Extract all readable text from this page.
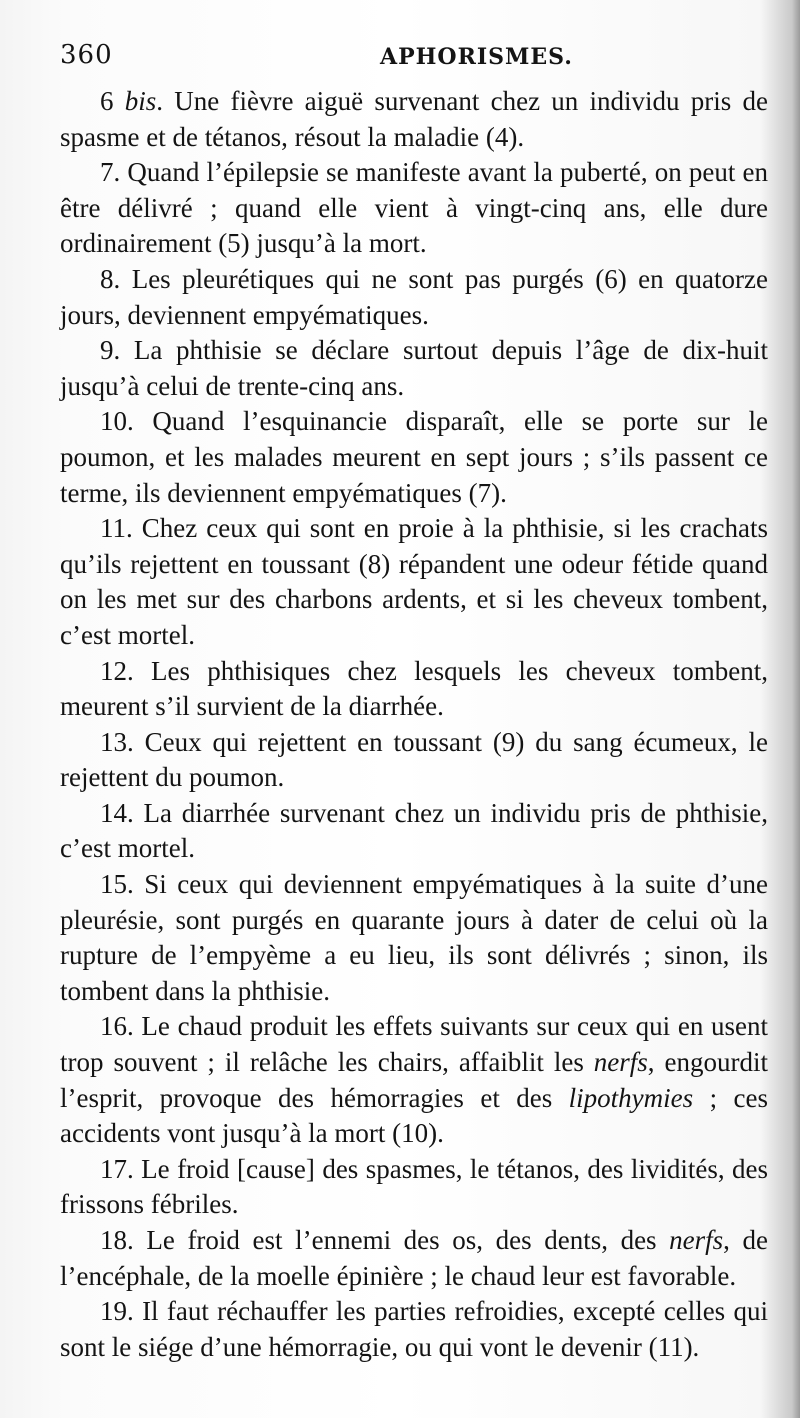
360	APHORISMES.

6 bis. Une fièvre aiguë survenant chez un individu pris de spasme et de tétanos, résout la maladie (4).

7. Quand l’épilepsie se manifeste avant la puberté, on peut en être délivré ; quand elle vient à vingt-cinq ans, elle dure ordinairement (5) jusqu’à la mort.

8. Les pleurétiques qui ne sont pas purgés (6) en quatorze jours, deviennent empyématiques.

9. La phthisie se déclare surtout depuis l’âge de dix-huit jusqu’à celui de trente-cinq ans.

10. Quand l’esquinancie disparaît, elle se porte sur le poumon, et les malades meurent en sept jours ; s’ils passent ce terme, ils deviennent empyématiques (7).

11. Chez ceux qui sont en proie à la phthisie, si les crachats qu’ils rejettent en toussant (8) répandent une odeur fétide quand on les met sur des charbons ardents, et si les cheveux tombent, c’est mortel.

12. Les phthisiques chez lesquels les cheveux tombent, meurent s’il survient de la diarrhée.

13. Ceux qui rejettent en toussant (9) du sang écumeux, le rejettent du poumon.

14. La diarrhée survenant chez un individu pris de phthisie, c’est mortel.

15. Si ceux qui deviennent empyématiques à la suite d’une pleurésie, sont purgés en quarante jours à dater de celui où la rupture de l’empyème a eu lieu, ils sont délivrés ; sinon, ils tombent dans la phthisie.

16. Le chaud produit les effets suivants sur ceux qui en usent trop souvent ; il relâche les chairs, affaiblit les nerfs, engourdit l’esprit, provoque des hémorragies et des lipothymies ; ces accidents vont jusqu’à la mort (10).

17. Le froid [cause] des spasmes, le tétanos, des lividités, des frissons fébriles.

18. Le froid est l’ennemi des os, des dents, des nerfs, de l’encéphale, de la moelle épinière ; le chaud leur est favorable.

19. Il faut réchauffer les parties refroidies, excepté celles qui sont le siége d’une hémorragie, ou qui vont le devenir (11).
